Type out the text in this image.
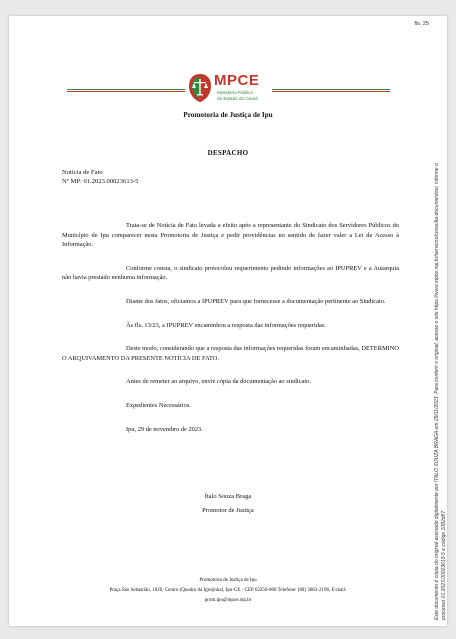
fls. 25
MPCE
Ministério Público
do Estado do Ceará
Promotoria de Justiça de Ipu
DESPACHO
Notícia de Fato
Nº MP: 01.2023.00023613-5

Trata-se de Notícia de Fato levada a efeito após a representante do Sindicato dos Servidores Públicos do Município de Ipu comparecer nesta Promotoria de Justiça e pedir providências no sentido de fazer valer a Lei de Acesso à Informação.

Conforme consta, o sindicato protocolou requerimento pedindo informações ao IPUPREV e a Autarquia não havia prestado nenhuma informação.

Diante dos fatos, oficiamos a IPUPREV para que fornecesse a documentação pertinente ao Sindicato.

Às fls. 13/23, a IPUPREV encaminhou a resposta das informações requeridas.

Deste modo, considerando que a resposta das informações requeridas foram encaminhadas, DETERMINO O ARQUIVAMENTO DA PRESENTE NOTÍCIA DE FATO.

Antes de remeter ao arquivo, envie cópia da documentação ao sindicato.

Expedientes Necessários.

Ipu, 29 de novembro de 2023.

Ítalo Souza Braga
Promotor de Justiça
Promotoria de Justiça de Ipu
Praça São Sebastião, 1020, Centro (Quadro da Igrejinha), Ipu-CE - CEP 62250-000 Telefone: (88) 3683-2196, E-mail:
prom.ipu@mpce.mp.br	Este documento é cópia do original assinado digitalmente por ÍTALO SOUZA BRAGA em 29/11/2023. Para conferir o original, acesse o site https://www.mpce.mp.br/servicos/consulta-documentos/, informe o processo 01.2023.00023613-5 e código 1082d87
